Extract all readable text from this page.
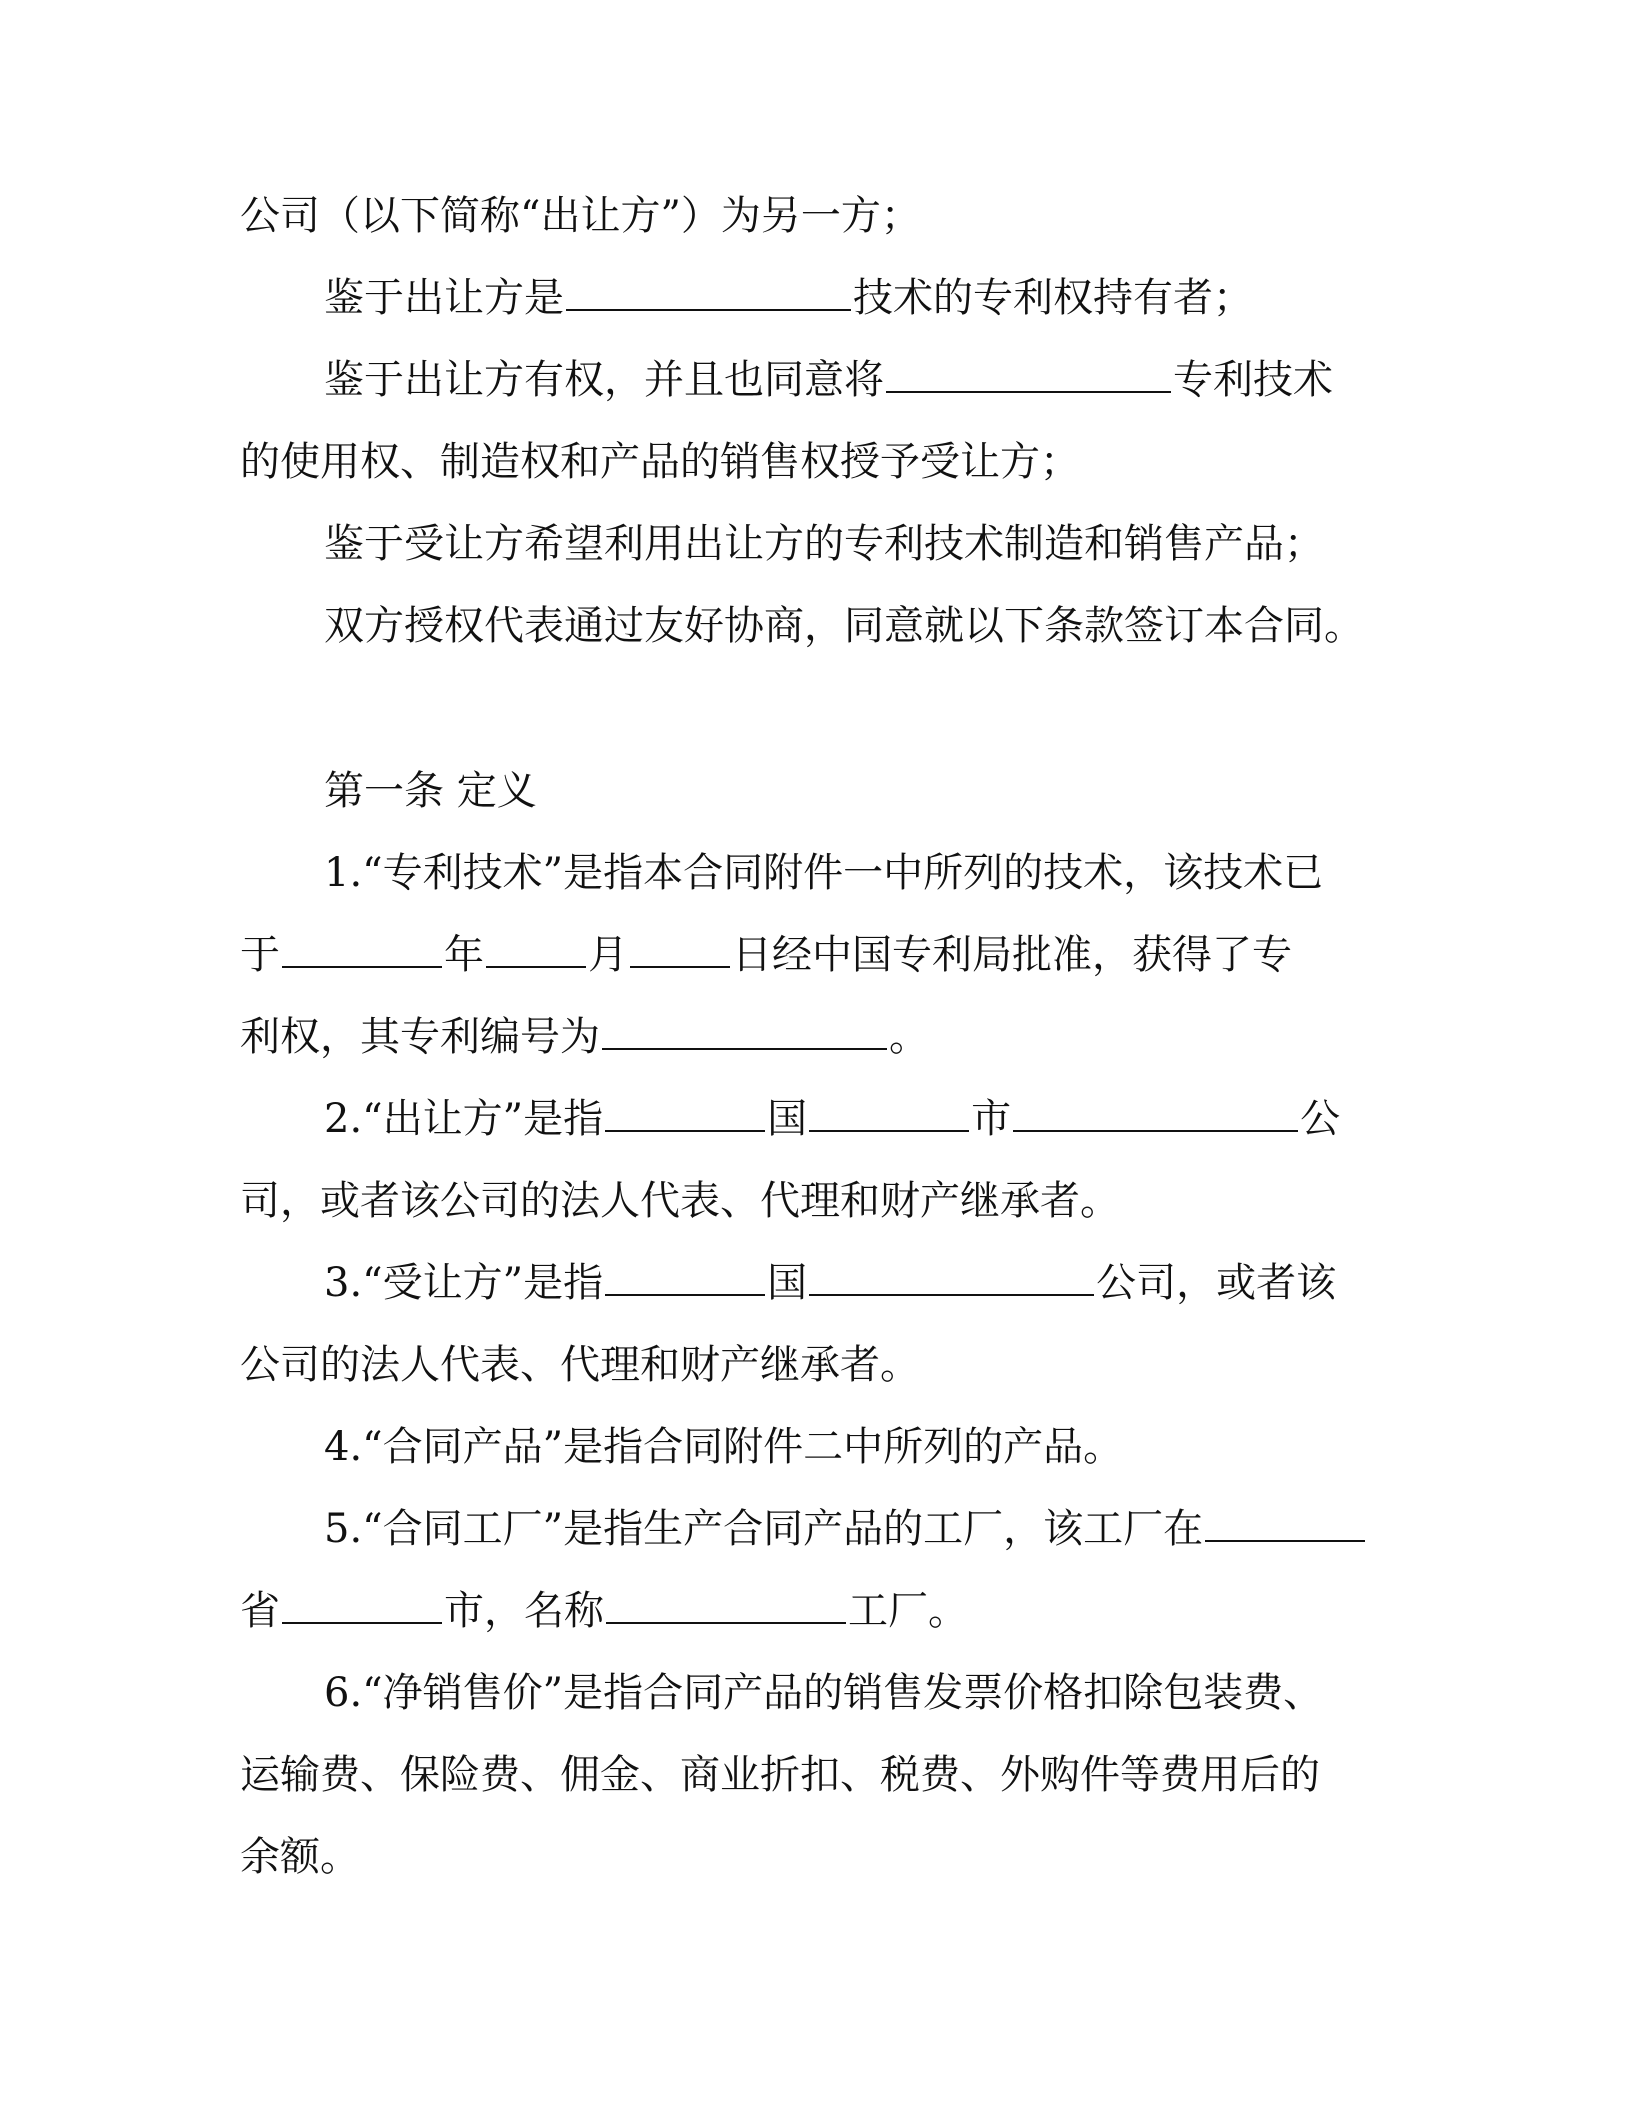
公司（以下简称“出让方”）为另一方；
鉴于出让方是	技术的专利权持有者；
鉴于出让方有权，并且也同意将	专利技术
的使用权、制造权和产品的销售权授予受让方；
鉴于受让方希望利用出让方的专利技术制造和销售产品；
双方授权代表通过友好协商，同意就以下条款签订本合同。
第一条 定义
1.“专利技术”是指本合同附件一中所列的技术，该技术已
于	年	月	日经中国专利局批准，获得了专
利权，其专利编号为	。
2.“出让方”是指	国	市	公
司，或者该公司的法人代表、代理和财产继承者。
3.“受让方”是指	国	公司，或者该
公司的法人代表、代理和财产继承者。
4.“合同产品”是指合同附件二中所列的产品。
5.“合同工厂”是指生产合同产品的工厂，该工厂在
省	市，名称	工厂。
6.“净销售价”是指合同产品的销售发票价格扣除包装费、
运输费、保险费、佣金、商业折扣、税费、外购件等费用后的
余额。
